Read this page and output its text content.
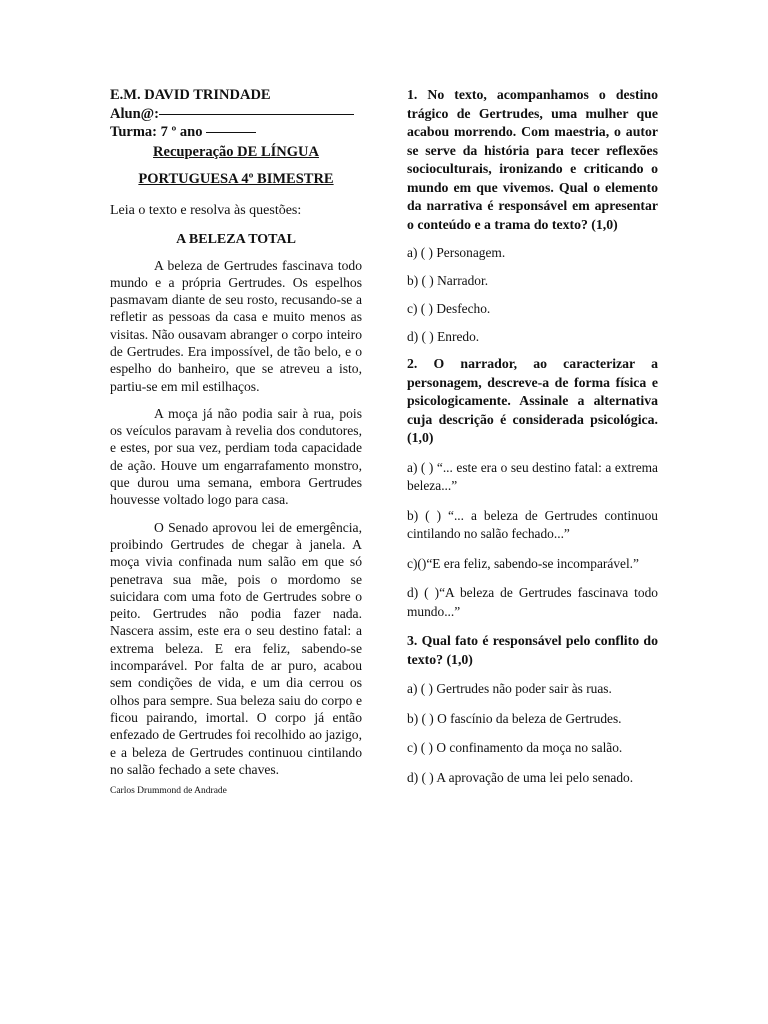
E.M. DAVID TRINDADE
Alun@:
Turma: 7 º ano
Recuperação DE LÍNGUA
PORTUGUESA 4º BIMESTRE
Leia o texto e resolva às questões:
A BELEZA TOTAL

A beleza de Gertrudes fascinava todo mundo e a própria Gertrudes. Os espelhos pasmavam diante de seu rosto, recusando-se a refletir as pessoas da casa e muito menos as visitas. Não ousavam abranger o corpo inteiro de Gertrudes. Era impossível, de tão belo, e o espelho do banheiro, que se atreveu a isto, partiu-se em mil estilhaços.

A moça já não podia sair à rua, pois os veículos paravam à revelia dos condutores, e estes, por sua vez, perdiam toda capacidade de ação. Houve um engarrafamento monstro, que durou uma semana, embora Gertrudes houvesse voltado logo para casa.

O Senado aprovou lei de emergência, proibindo Gertrudes de chegar à janela. A moça vivia confinada num salão em que só penetrava sua mãe, pois o mordomo se suicidara com uma foto de Gertrudes sobre o peito. Gertrudes não podia fazer nada. Nascera assim, este era o seu destino fatal: a extrema beleza. E era feliz, sabendo-se incomparável. Por falta de ar puro, acabou sem condições de vida, e um dia cerrou os olhos para sempre. Sua beleza saiu do corpo e ficou pairando, imortal. O corpo já então enfezado de Gertrudes foi recolhido ao jazigo, e a beleza de Gertrudes continuou cintilando no salão fechado a sete chaves.

Carlos Drummond de Andrade

1. No texto, acompanhamos o destino trágico de Gertrudes, uma mulher que acabou morrendo. Com maestria, o autor se serve da história para tecer reflexões socioculturais, ironizando e criticando o mundo em que vivemos. Qual o elemento da narrativa é responsável em apresentar o conteúdo e a trama do texto? (1,0)

a) ( ) Personagem.

b) ( ) Narrador.

c) ( ) Desfecho.

d) ( ) Enredo.

2. O narrador, ao caracterizar a personagem, descreve-a de forma física e psicologicamente. Assinale a alternativa cuja descrição é considerada psicológica. (1,0)

a) ( ) “... este era o seu destino fatal: a extrema beleza...”

b) ( ) “... a beleza de Gertrudes continuou cintilando no salão fechado...”

c)()“E era feliz, sabendo-se incomparável.”

d) ( )“A beleza de Gertrudes fascinava todo mundo...”

3. Qual fato é responsável pelo conflito do texto? (1,0)

a) ( ) Gertrudes não poder sair às ruas.

b) ( ) O fascínio da beleza de Gertrudes.

c) ( ) O confinamento da moça no salão.

d) ( ) A aprovação de uma lei pelo senado.
